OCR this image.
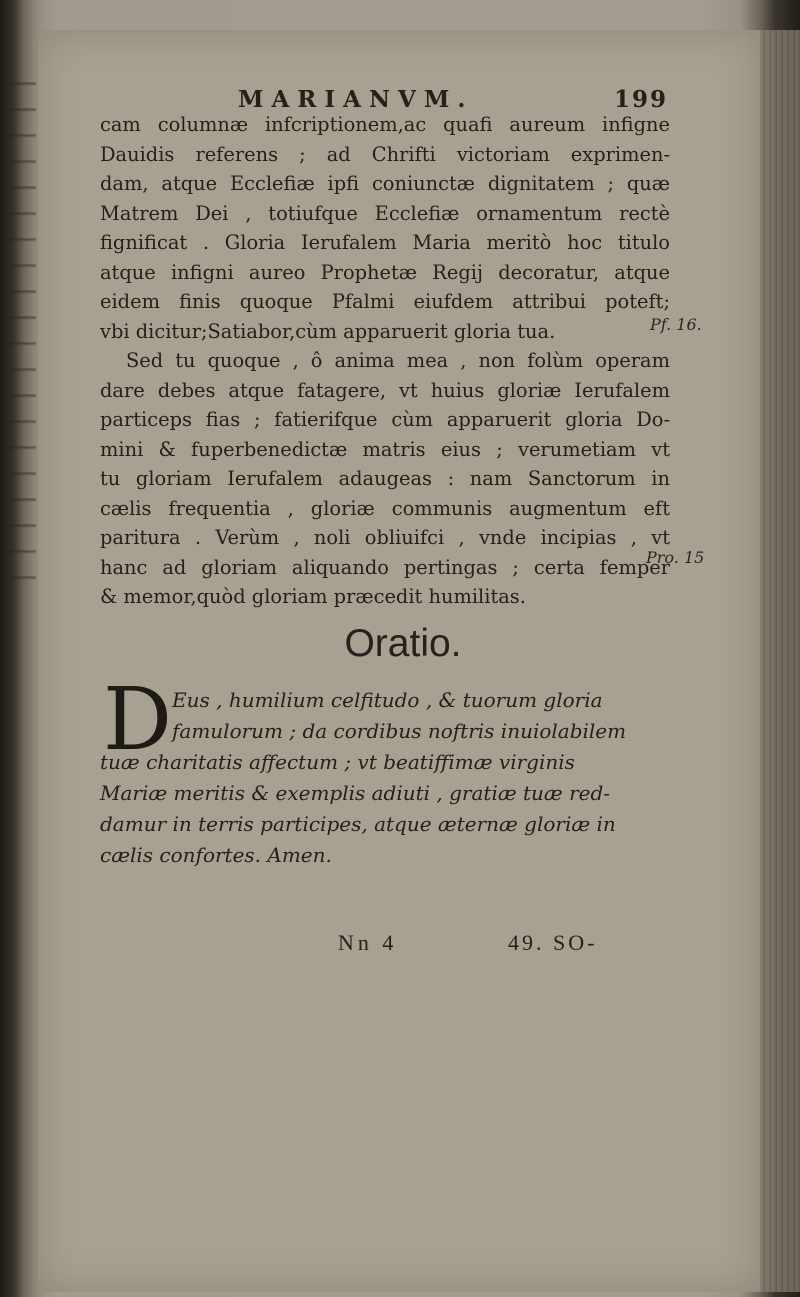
MARIANVM.	199
cam columnæ infcriptionem,ac quafi aureum infigne
Dauidis referens ; ad Chrifti victoriam exprimen-
dam, atque Ecclefiæ ipfi coniunctæ dignitatem ; quæ
Matrem Dei , totiufque Ecclefiæ ornamentum rectè
fignificat . Gloria Ierufalem Maria meritò hoc titulo
atque infigni aureo Prophetæ Regij decoratur, atque
eidem finis quoque Pfalmi eiufdem attribui poteft;
vbi dicitur;Satiabor,cùm apparuerit gloria tua.
Sed tu quoque , ô anima mea , non folùm operam
dare debes atque fatagere, vt huius gloriæ Ierufalem
particeps fias ; fatierifque cùm apparuerit gloria Do-
mini & fuperbenedictæ matris eius ; verumetiam vt
tu gloriam Ierufalem adaugeas : nam Sanctorum in
cælis frequentia , gloriæ communis augmentum eft
paritura . Verùm , noli obliuifci , vnde incipias , vt
hanc ad gloriam aliquando pertingas ; certa femper
& memor,quòd gloriam præcedit humilitas.
Pf. 16.
Pro. 15
Oratio.
D Eus , humilium celfitudo , & tuorum gloria
famulorum ; da cordibus noftris inuiolabilem
tuæ charitatis affectum ; vt beatiffimæ virginis
Mariæ meritis & exemplis adiuti , gratiæ tuæ red-
damur in terris participes, atque æternæ gloriæ in
cælis confortes. Amen.
Nn 4	49. SO-
